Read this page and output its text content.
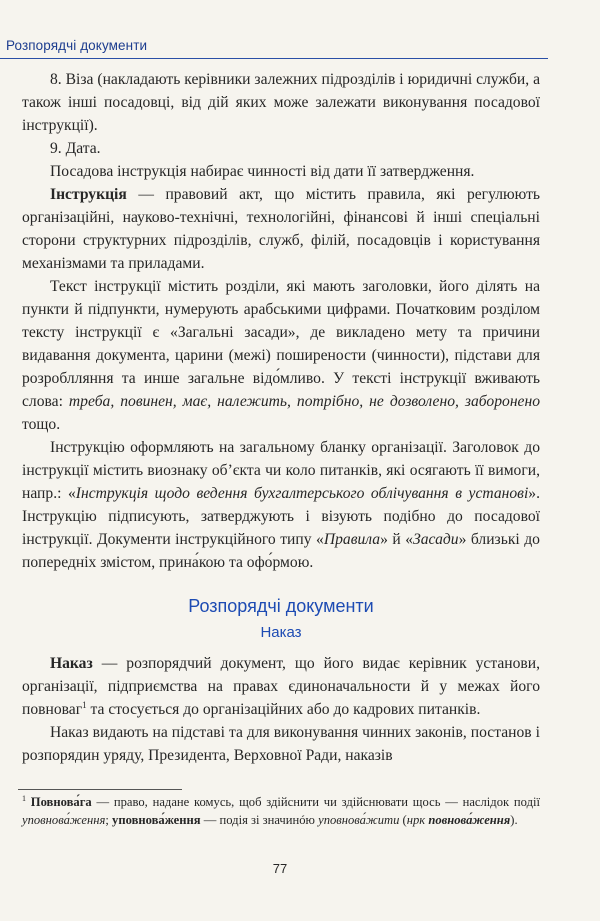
Розпорядчі документи

8. Віза (накладають керівники залежних підрозділів і юридичні служби, а також інші посадовці, від дій яких може залежати виконування посадової інструкції).

9. Дата.

Посадова інструкція набирає чинності від дати її затвердження.

Інструкція — правовий акт, що містить правила, які регулюють організаційні, науково-технічні, технологійні, фінансові й інші спеціальні сторони структурних підрозділів, служб, філій, посадовців і користування механізмами та приладами.

Текст інструкції містить розділи, які мають заголовки, його ділять на пункти й підпункти, нумерують арабськими цифрами. Початковим розділом тексту інструкції є «Загальні засади», де викладено мету та причини видавання документа, царини (межі) поширености (чинности), підстави для розроблляння та инше загальне відо́мливо. У тексті інструкції вживають слова: треба, повинен, має, належить, потрібно, не дозволено, заборонено тощо.

Інструкцію оформляють на загальному бланку організації. Заголовок до інструкції містить виознаку об’єкта чи коло питанків, які осягають її вимоги, напр.: «Інструкція щодо ведення бухгалтерського облічування в установі». Інструкцію підписують, затверджують і візують подібно до посадової інструкції. Документи інструкційного типу «Правила» й «Засади» близькі до попередніх змістом, прина́кою та офо́рмою.

Розпорядчі документи
Наказ

Наказ — розпорядчий документ, що його видає керівник установи, організації, підприємства на правах єдиноначальности й у межах його повноваг$^1$ та стосується до організаційних або до кадрових питанків.

Наказ видають на підставі та для виконування чинних законів, постанов і розпорядин уряду, Президента, Верховної Ради, наказів

$^1$ Повнова́га — право, надане комусь, щоб здійснити чи здійснювати щось — наслідок події уповнова́ження; уповнова́ження — подія зі значинóю уповнова́жити (нрк повнова́ження).
77
